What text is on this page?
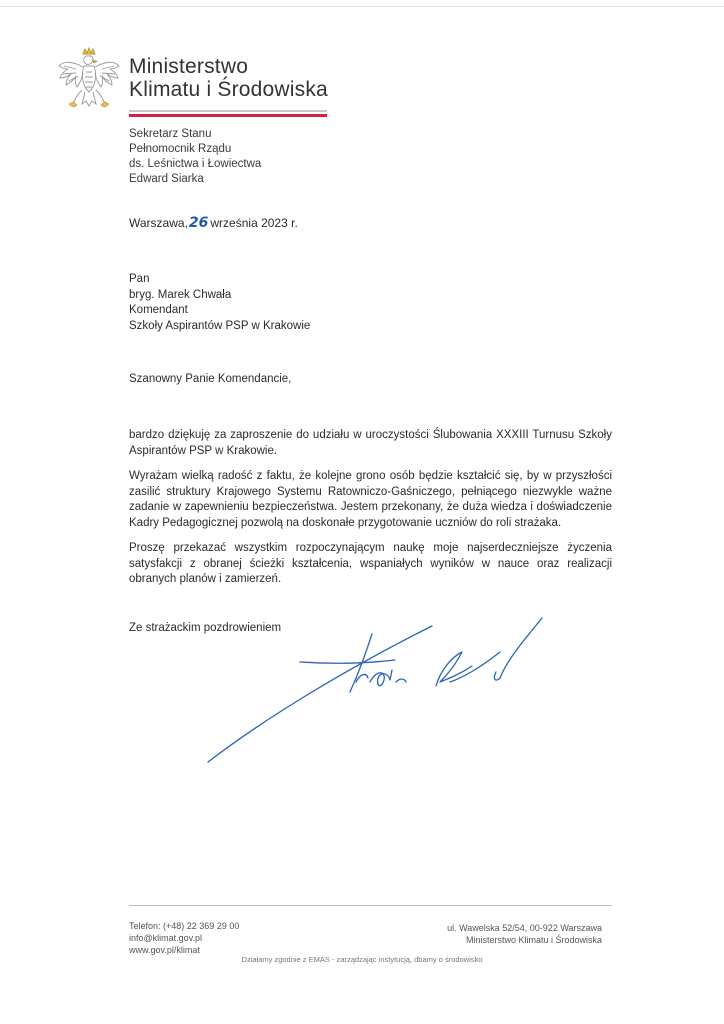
Ministerstwo
Klimatu i Środowiska
Sekretarz Stanu
Pełnomocnik Rządu
ds. Leśnictwa i Łowiectwa
Edward Siarka
Warszawa,26 września 2023 r.
Pan
bryg. Marek Chwała
Komendant
Szkoły Aspirantów PSP w Krakowie
Szanowny Panie Komendancie,

bardzo dziękuję za zaproszenie do udziału w uroczystości Ślubowania XXXIII Turnusu Szkoły Aspirantów PSP w Krakowie.

Wyrażam wielką radość z faktu, że kolejne grono osób będzie kształcić się, by w przyszłości zasilić struktury Krajowego Systemu Ratowniczo-Gaśniczego, pełniącego niezwykle ważne zadanie w zapewnieniu bezpieczeństwa. Jestem przekonany, że duża wiedza i doświadczenie Kadry Pedagogicznej pozwolą na doskonałe przygotowanie uczniów do roli strażaka.

Proszę przekazać wszystkim rozpoczynającym naukę moje najserdeczniejsze życzenia satysfakcji z obranej ścieżki kształcenia, wspaniałych wyników w nauce oraz realizacji obranych planów i zamierzeń.

Ze strażackim pozdrowieniem
Telefon: (+48) 22 369 29 00
info@klimat.gov.pl
www.gov.pl/klimat
ul. Wawelska 52/54, 00-922 Warszawa
Ministerstwo Klimatu i Środowiska
Działamy zgodnie z EMAS - zarządzając instytucją, dbamy o środowisko
